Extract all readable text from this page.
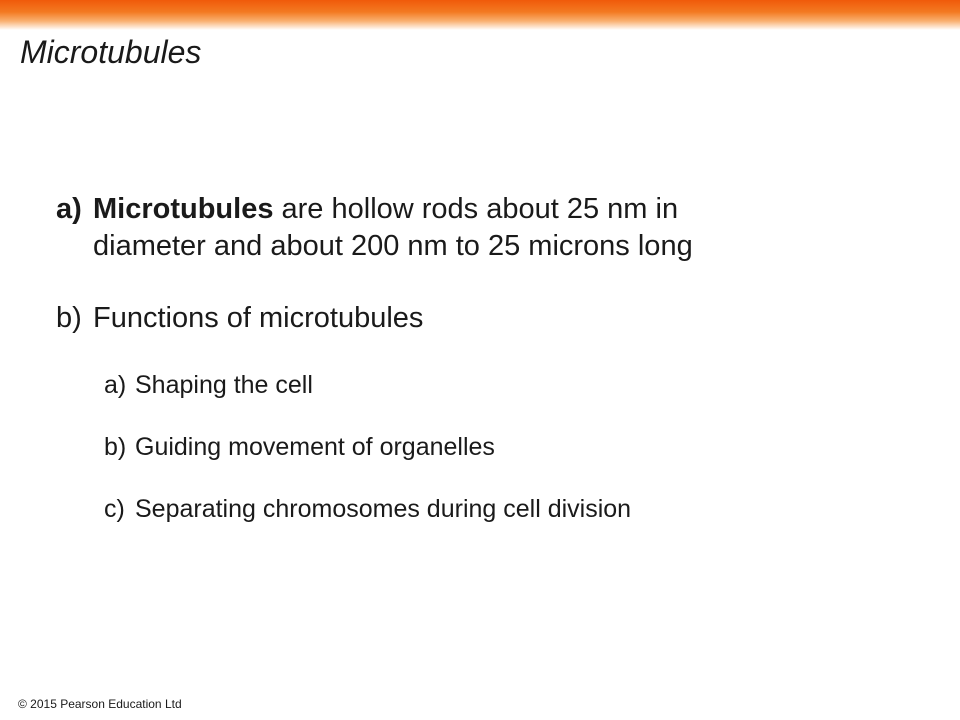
Microtubules
a) Microtubules are hollow rods about 25 nm in
diameter and about 200 nm to 25 microns long
b) Functions of microtubules
a) Shaping the cell
b) Guiding movement of organelles
c) Separating chromosomes during cell division
© 2015 Pearson Education Ltd
